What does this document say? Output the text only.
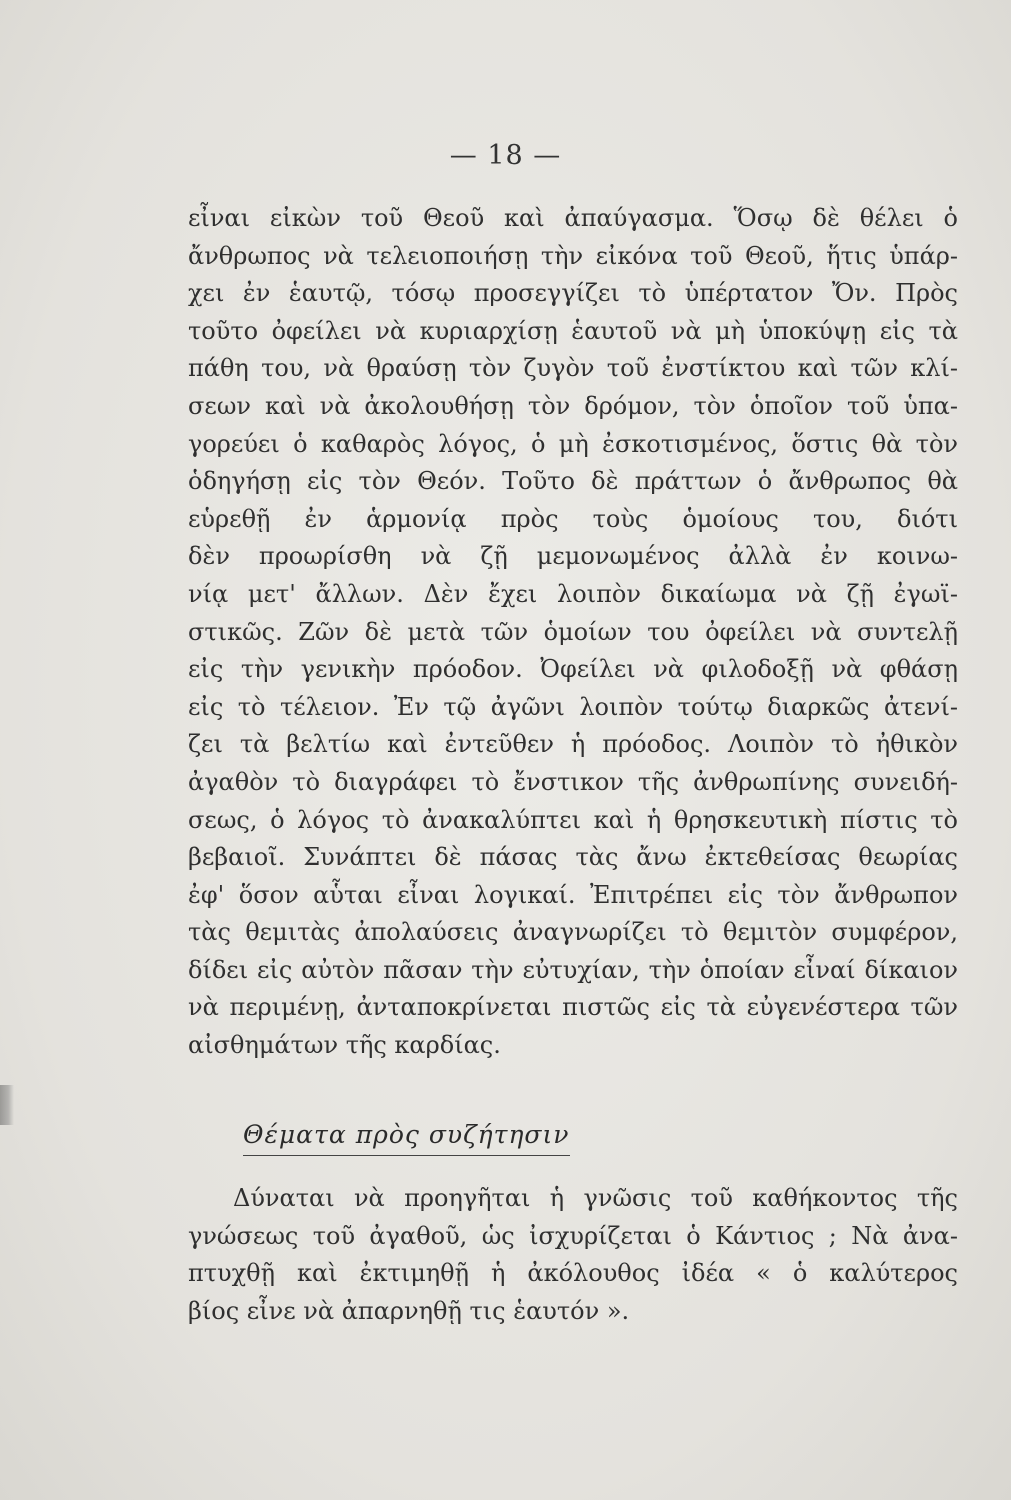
— 18 —
εἶναι εἰκὼν τοῦ Θεοῦ καὶ ἀπαύγασμα. Ὅσῳ δὲ θέλει ὁ
ἄνθρωπος νὰ τελειοποιήσῃ τὴν εἰκόνα τοῦ Θεοῦ, ἥτις ὑπάρ-
χει ἐν ἑαυτῷ, τόσῳ προσεγγίζει τὸ ὑπέρτατον Ὄν. Πρὸς
τοῦτο ὀφείλει νὰ κυριαρχίσῃ ἑαυτοῦ νὰ μὴ ὑποκύψῃ εἰς τὰ
πάθη του, νὰ θραύσῃ τὸν ζυγὸν τοῦ ἐνστίκτου καὶ τῶν κλί-
σεων καὶ νὰ ἀκολουθήσῃ τὸν δρόμον, τὸν ὁποῖον τοῦ ὑπα-
γορεύει ὁ καθαρὸς λόγος, ὁ μὴ ἐσκοτισμένος, ὅστις θὰ τὸν
ὁδηγήσῃ εἰς τὸν Θεόν. Τοῦτο δὲ πράττων ὁ ἄνθρωπος θὰ
εὑρεθῇ ἐν ἁρμονίᾳ πρὸς τοὺς ὁμοίους του, διότι
δὲν προωρίσθη νὰ ζῇ μεμονωμένος ἀλλὰ ἐν κοινω-
νίᾳ μετ' ἄλλων. Δὲν ἔχει λοιπὸν δικαίωμα νὰ ζῇ ἐγωϊ-
στικῶς. Ζῶν δὲ μετὰ τῶν ὁμοίων του ὀφείλει νὰ συντελῇ
εἰς τὴν γενικὴν πρόοδον. Ὀφείλει νὰ φιλοδοξῇ νὰ φθάσῃ
εἰς τὸ τέλειον. Ἐν τῷ ἀγῶνι λοιπὸν τούτῳ διαρκῶς ἀτενί-
ζει τὰ βελτίω καὶ ἐντεῦθεν ἡ πρόοδος. Λοιπὸν τὸ ἠθικὸν
ἀγαθὸν τὸ διαγράφει τὸ ἔνστικον τῆς ἀνθρωπίνης συνειδή-
σεως, ὁ λόγος τὸ ἀνακαλύπτει καὶ ἡ θρησκευτικὴ πίστις τὸ
βεβαιοῖ. Συνάπτει δὲ πάσας τὰς ἄνω ἐκτεθείσας θεωρίας
ἐφ' ὅσον αὗται εἶναι λογικαί. Ἐπιτρέπει εἰς τὸν ἄνθρωπον
τὰς θεμιτὰς ἀπολαύσεις ἀναγνωρίζει τὸ θεμιτὸν συμφέρον,
δίδει εἰς αὐτὸν πᾶσαν τὴν εὐτυχίαν, τὴν ὁποίαν εἶναί δίκαιον
νὰ περιμένῃ, ἀνταποκρίνεται πιστῶς εἰς τὰ εὐγενέστερα τῶν
αἰσθημάτων τῆς καρδίας.
Θέματα πρὸς συζήτησιν
Δύναται νὰ προηγῆται ἡ γνῶσις τοῦ καθήκοντος τῆς
γνώσεως τοῦ ἀγαθοῦ, ὡς ἰσχυρίζεται ὁ Κάντιος ; Νὰ ἀνα-
πτυχθῇ καὶ ἐκτιμηθῇ ἡ ἀκόλουθος ἰδέα « ὁ καλύτερος
βίος εἶνε νὰ ἀπαρνηθῇ τις ἑαυτόν ».
